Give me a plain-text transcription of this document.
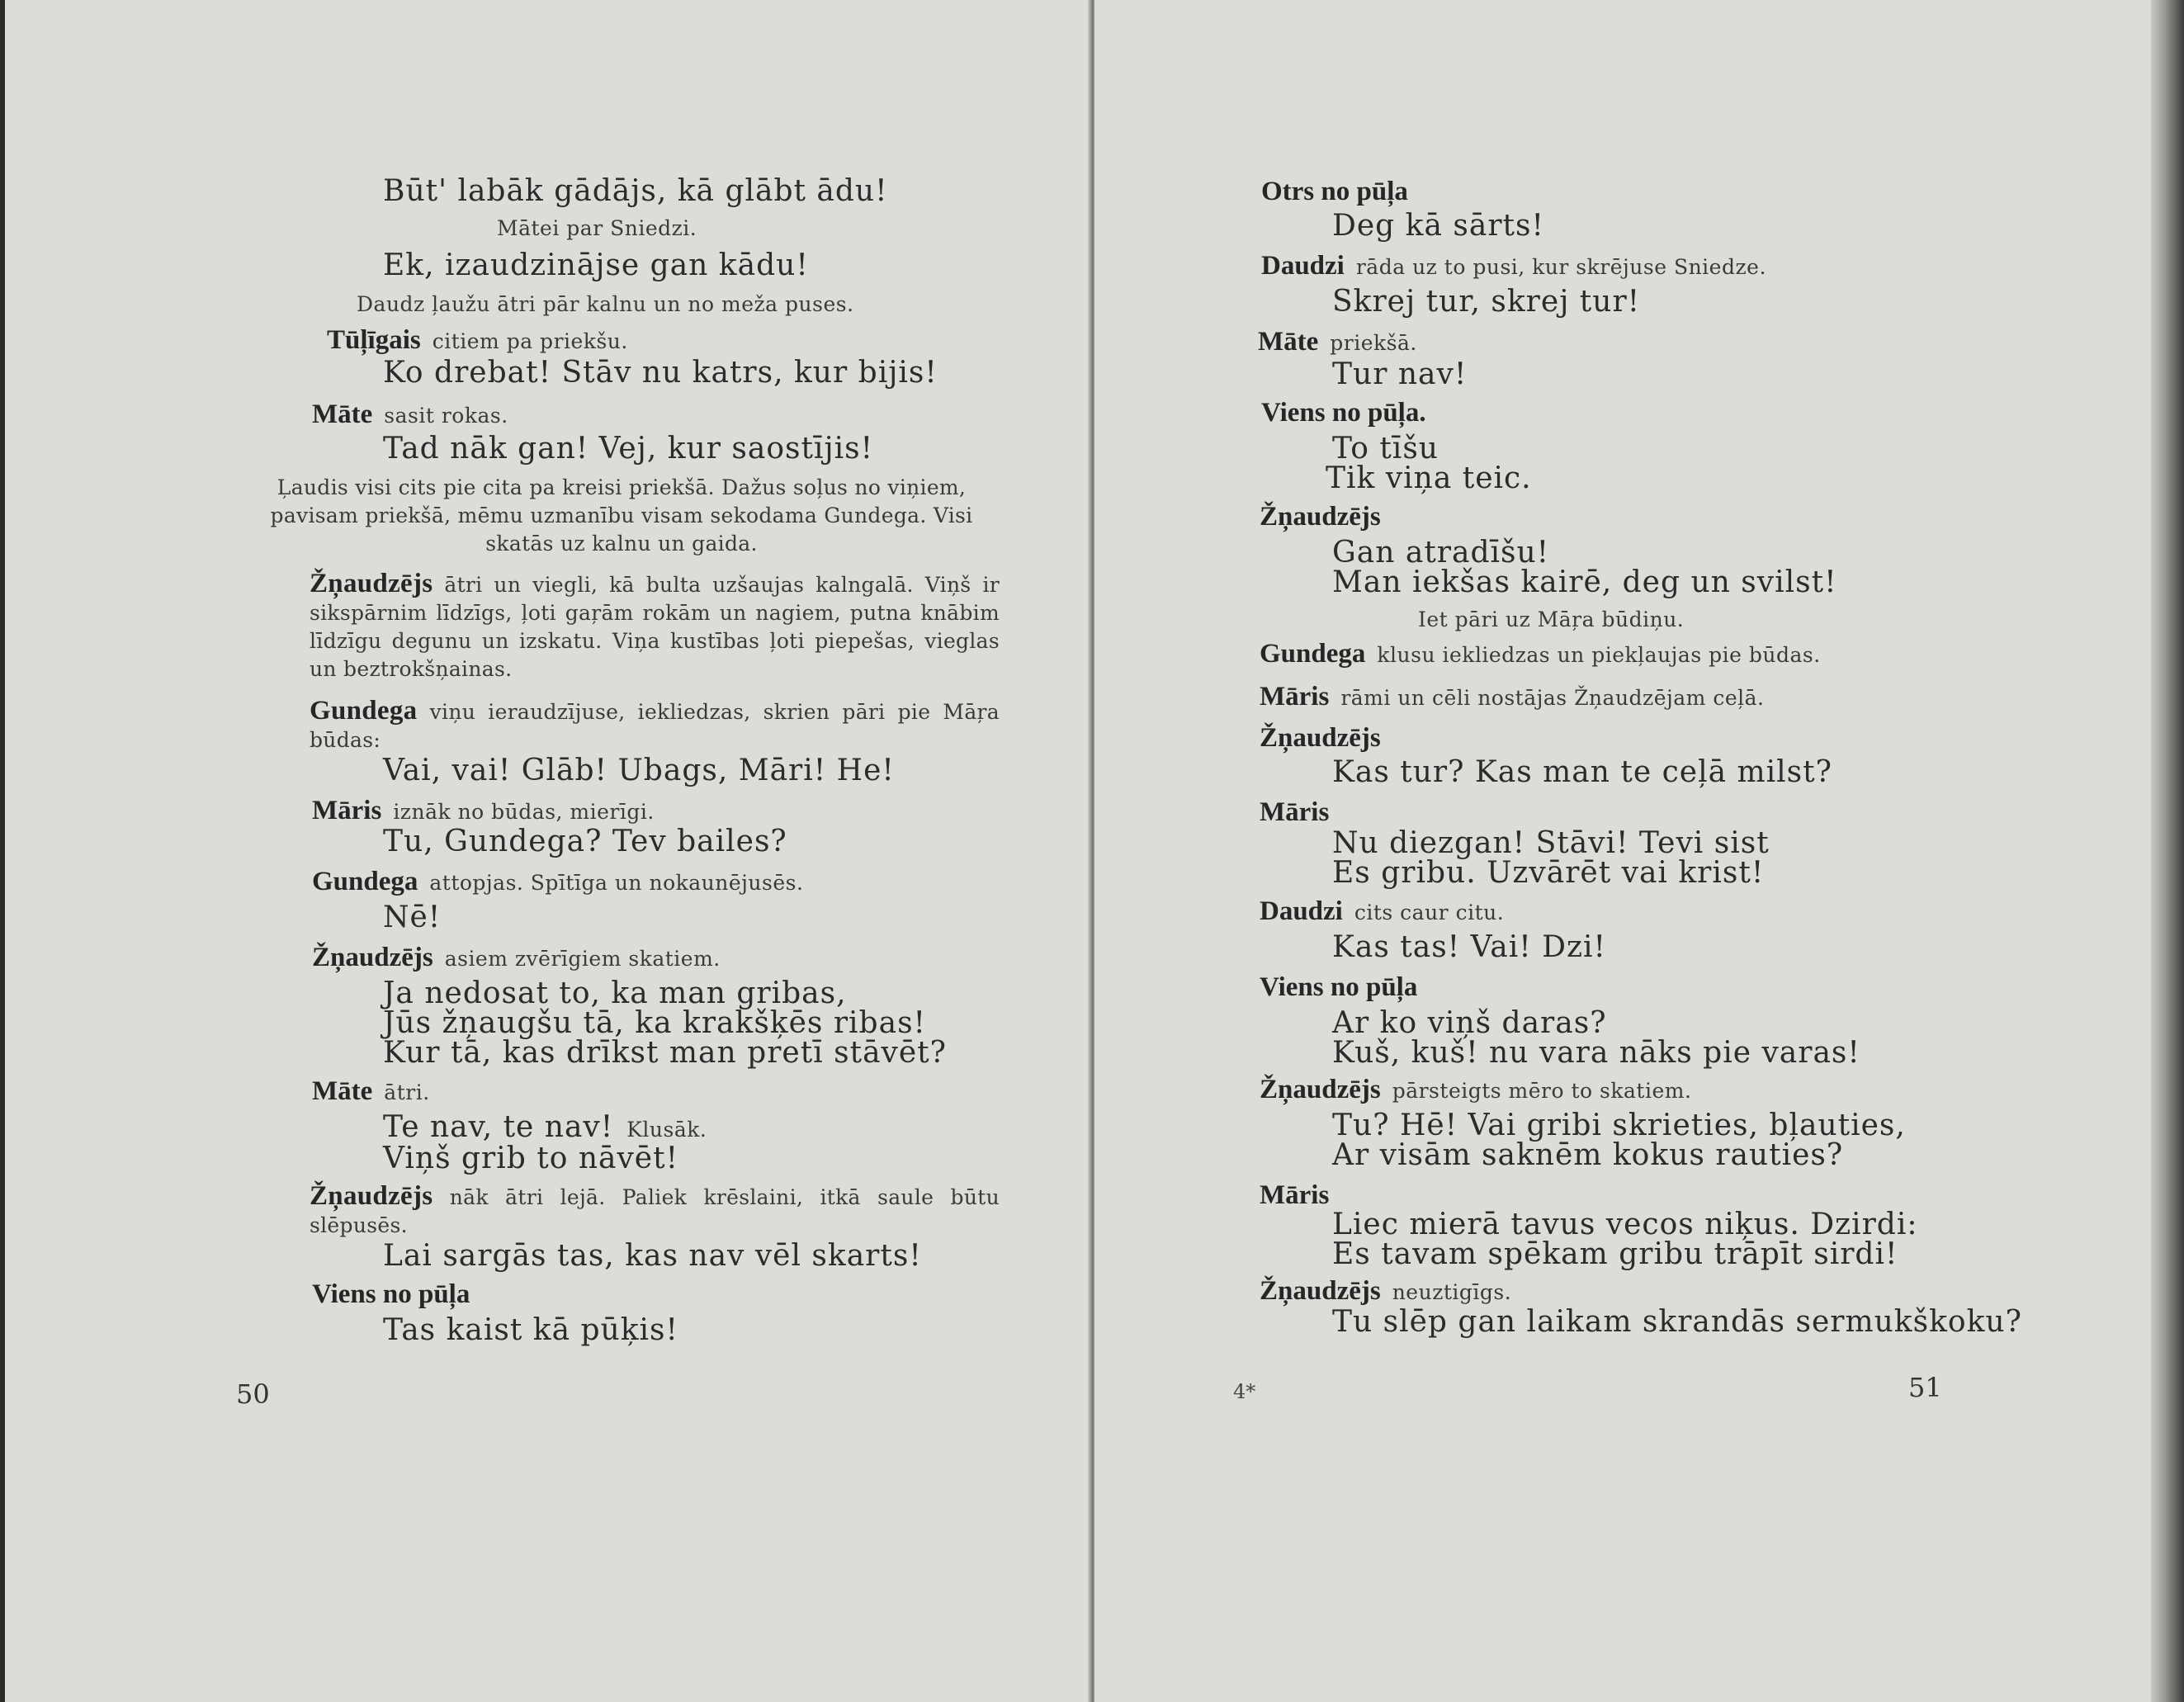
Būt' labāk gādājs, kā glābt ādu!
Mātei par Sniedzi.
Ek, izaudzinājse gan kādu!
Daudz ļaužu ātri pār kalnu un no meža puses.
Tūļīgais citiem pa priekšu.
Ko drebat! Stāv nu katrs, kur bijis!
Māte sasit rokas.
Tad nāk gan! Vej, kur saostījis!
Ļaudis visi cits pie cita pa kreisi priekšā. Dažus soļus no viņiem, pavisam priekšā, mēmu uzmanību visam sekodama Gundega. Visi skatās uz kalnu un gaida.
Žņaudzējs ātri un viegli, kā bulta uzšaujas kalngalā. Viņš ir sikspārnim līdzīgs, ļoti gaŗām rokām un nagiem, putna knābim līdzīgu degunu un izskatu. Viņa kustības ļoti piepešas, vieglas un beztrokšņainas.
Gundega viņu ieraudzījuse, iekliedzas, skrien pāri pie Māŗa būdas:
Vai, vai! Glāb! Ubags, Māri! He!
Māris iznāk no būdas, mierīgi.
Tu, Gundega? Tev bailes?
Gundega attopjas. Spītīga un nokaunējusēs.
Nē!
Žņaudzējs asiem zvērīgiem skatiem.
Ja nedosat to, ka man gribas,
Jūs žņaugšu tā, ka krakšķēs ribas!
Kur tā, kas drīkst man pretī stāvēt?
Māte ātri.
Te nav, te nav! Klusāk.
Viņš grib to nāvēt!
Žņaudzējs nāk ātri lejā. Paliek krēslaini, itkā saule būtu slēpusēs.
Lai sargās tas, kas nav vēl skarts!
Viens no pūļa
Tas kaist kā pūķis!
50
Otrs no pūļa
Deg kā sārts!
Daudzi rāda uz to pusi, kur skrējuse Sniedze.
Skrej tur, skrej tur!
Māte priekšā.
Tur nav!
Viens no pūļa.
To tīšu
Tik viņa teic.
Žņaudzējs
Gan atradīšu!
Man iekšas kairē, deg un svilst!
Iet pāri uz Māŗa būdiņu.
Gundega klusu iekliedzas un piekļaujas pie būdas.
Māris rāmi un cēli nostājas Žņaudzējam ceļā.
Žņaudzējs
Kas tur? Kas man te ceļā milst?
Māris
Nu diezgan! Stāvi! Tevi sist
Es gribu. Uzvārēt vai krist!
Daudzi cits caur citu.
Kas tas! Vai! Dzi!
Viens no pūļa
Ar ko viņš daras?
Kuš, kuš! nu vara nāks pie varas!
Žņaudzējs pārsteigts mēro to skatiem.
Tu? Hē! Vai gribi skrieties, bļauties,
Ar visām saknēm kokus rauties?
Māris
Liec mierā tavus vecos niķus. Dzirdi:
Es tavam spēkam gribu trāpīt sirdi!
Žņaudzējs neuztigīgs.
Tu slēp gan laikam skrandās sermukškoku?
4*	51
